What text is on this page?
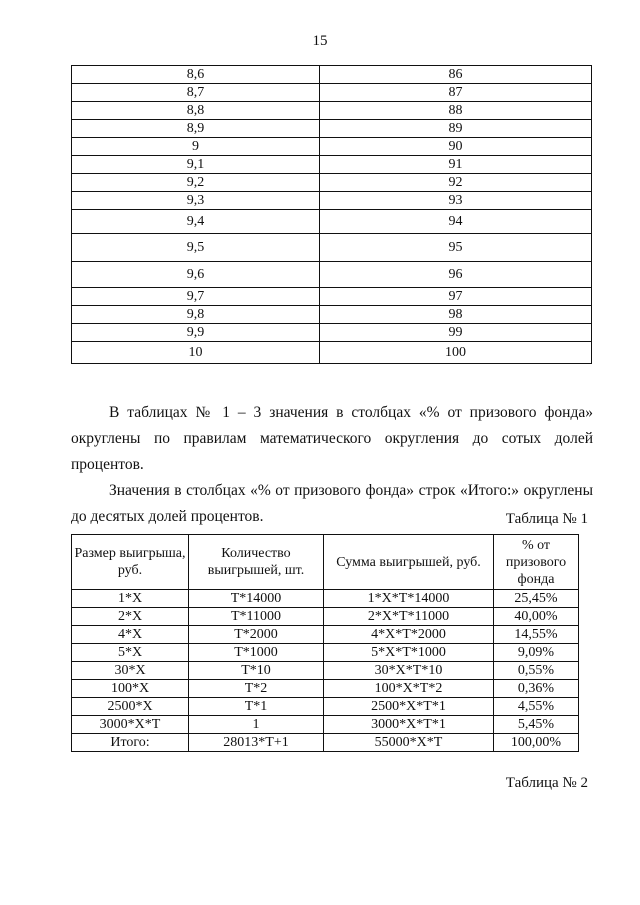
15
8,6	86
8,7	87
8,8	88
8,9	89
9	90
9,1	91
9,2	92
9,3	93
9,4	94
9,5	95
9,6	96
9,7	97
9,8	98
9,9	99
10	100
В таблицах № 1 – 3 значения в столбцах «% от призового фонда» округлены по правилам математического округления до сотых долей процентов.
Значения в столбцах «% от призового фонда» строк «Итого:» округлены до десятых долей процентов.	Таблица № 1
Размер выигрыша, руб.	Количество выигрышей, шт.	Сумма выигрышей, руб.	% от призового фонда
1*X	T*14000	1*X*T*14000	25,45%
2*X	T*11000	2*X*T*11000	40,00%
4*X	T*2000	4*X*T*2000	14,55%
5*X	T*1000	5*X*T*1000	9,09%
30*X	T*10	30*X*T*10	0,55%
100*X	T*2	100*X*T*2	0,36%
2500*X	T*1	2500*X*T*1	4,55%
3000*X*T	1	3000*X*T*1	5,45%
Итого:	28013*T+1	55000*X*T	100,00%
Таблица № 2
